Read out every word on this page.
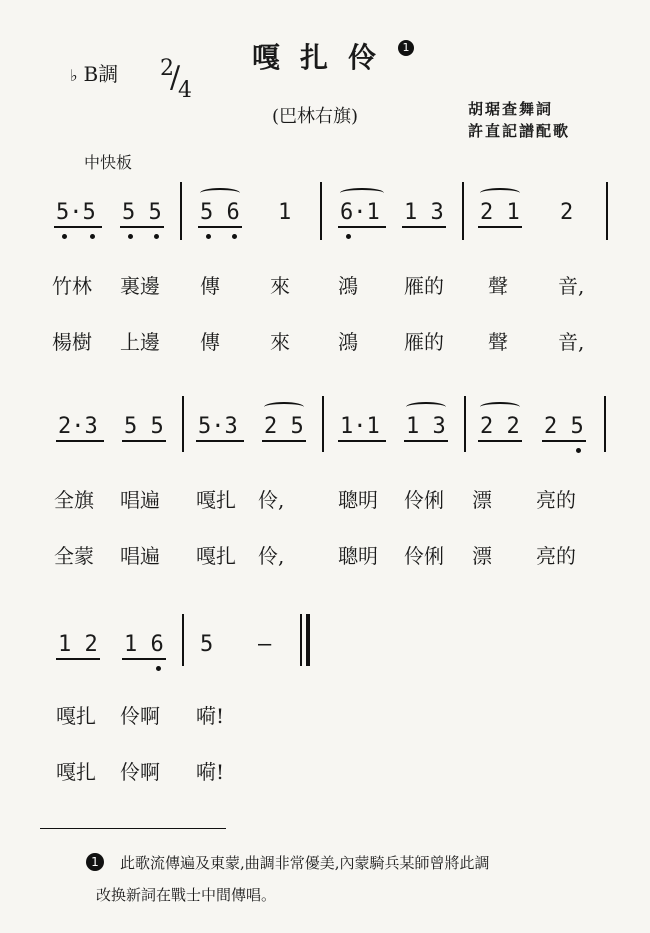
♭ B調 2
/
4
嘎扎伶 1
(巴林右旗)	胡琚查舞詞
許直記譜配歌
中快板
5·5 5 5 5 6 1 6·1 1 3 2 1 2
竹林 裏邊 傳	來 鴻 雁的 聲	音,
楊樹 上邊 傳	來 鴻 雁的 聲	音,
2·3 5 5 5·3 2 5 1·1 1 3 2 2 2 5
全旗 唱遍 嘎扎 伶,	聰明 伶俐 漂 亮的
全蒙 唱遍 嘎扎 伶,	聰明 伶俐 漂 亮的
1 2 1 6 5 —
嘎扎 伶啊 嗬!
嘎扎 伶啊 嗬!
1	此歌流傳遍及東蒙,曲調非常優美,內蒙騎兵某師曾將此調
改换新詞在戰士中間傳唱。
